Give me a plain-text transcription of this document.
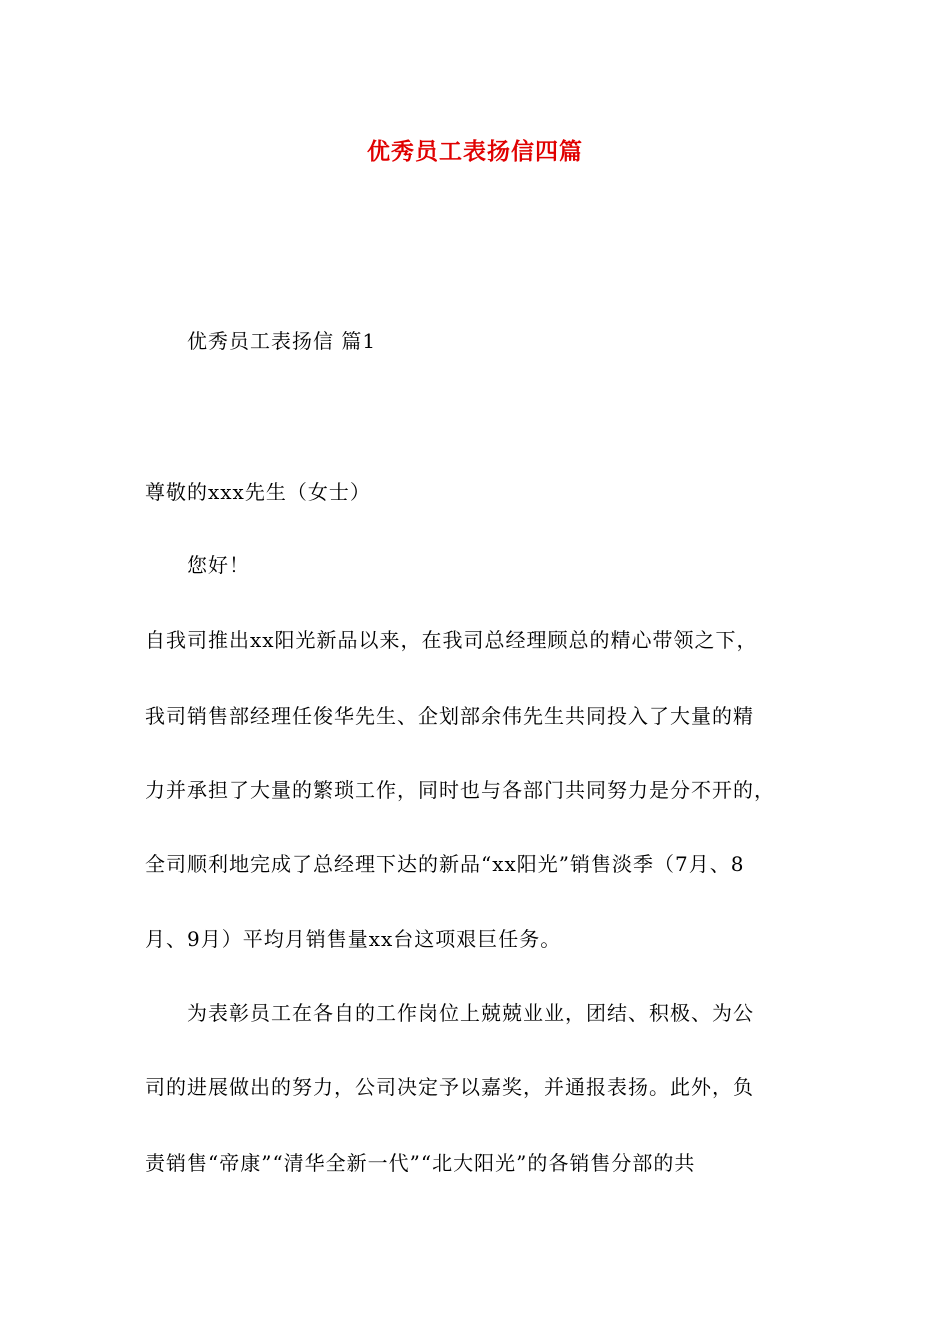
优秀员工表扬信四篇
优秀员工表扬信 篇1
尊敬的xxx先生（女士）
您好！
自我司推出xx阳光新品以来，在我司总经理顾总的精心带领之下，
我司销售部经理任俊华先生、企划部余伟先生共同投入了大量的精
力并承担了大量的繁琐工作，同时也与各部门共同努力是分不开的，
全司顺利地完成了总经理下达的新品“xx阳光”销售淡季（7月、8
月、9月）平均月销售量xx台这项艰巨任务。
为表彰员工在各自的工作岗位上兢兢业业，团结、积极、为公
司的进展做出的努力，公司决定予以嘉奖，并通报表扬。此外，负
责销售“帝康”“清华全新一代”“北大阳光”的各销售分部的共
